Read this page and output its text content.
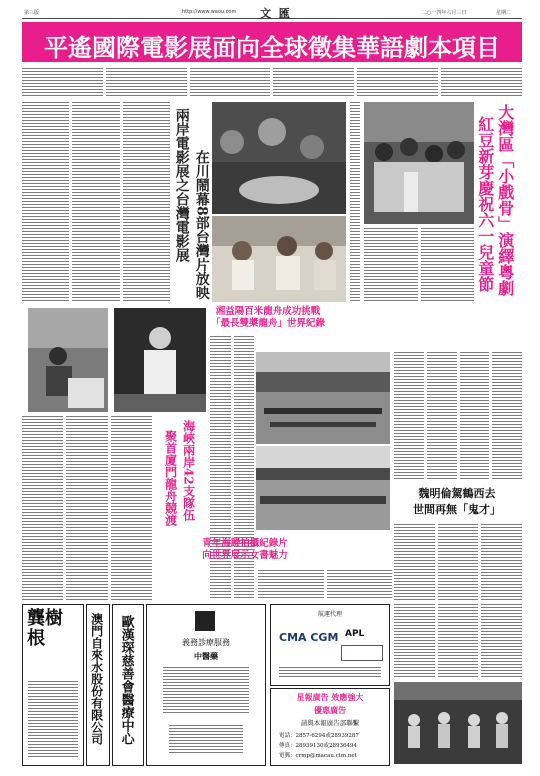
第三版	http://www.waou.com 文 匯	二○一四年六月三日	星期二
平遙國際電影展面向全球徵集華語劇本項目
兩岸電影展之台灣電影展 在川鬧幕8部台灣片放映	大灣區「小戲骨」演繹粵劇
紅豆新芽慶祝六一兒童節
湘益陽百米龍舟成功挑戰
「最長雙槳龍舟」世界紀錄
海峽兩岸42支隊伍
聚首廈門龍舟競渡	魏明倫駕鶴西去
世間再無「鬼才」
青年海歸拍攝紀錄片
向世界展示女書魅力
龔樹根	澳門自來水股份有限公司 歐漢琛慈善會醫療中心	義務診療服務
中醫藥
航運代理
CMA CGM APL
星報廣告 效應強大
優惠廣告
請與本報廣告部聯繫
電話：2857-6294或28939287
傳真：28939130或28936494
電郵：crmp@macau.ctm.net
